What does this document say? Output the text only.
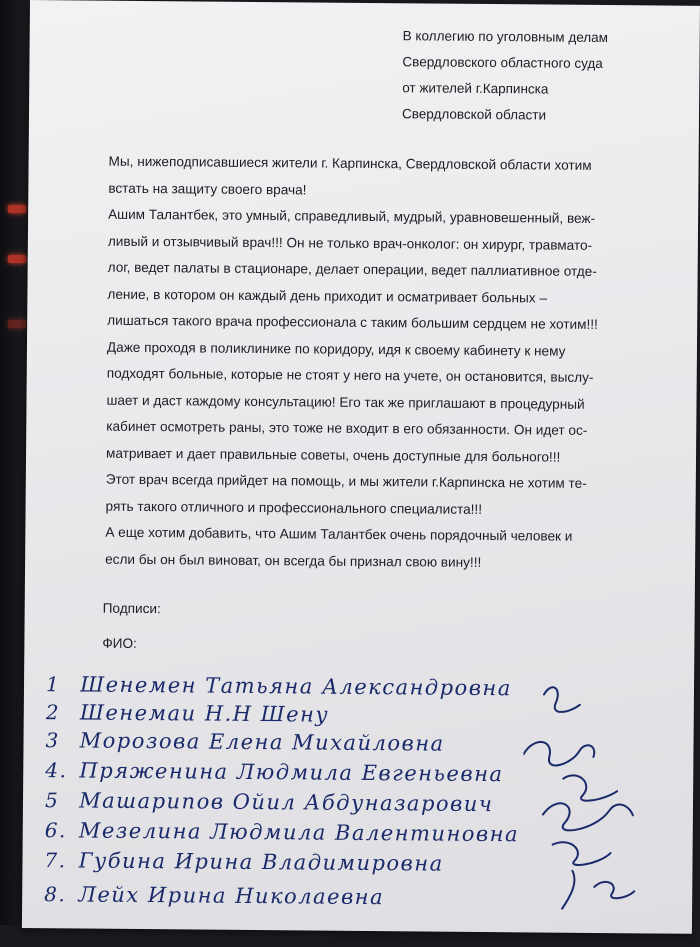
В коллегию по уголовным делам
Свердловского областного суда
от жителей г.Карпинска
Свердловской области
Мы, нижеподписавшиеся жители г. Карпинска, Свердловской области хотим
встать на защиту своего врача!
Ашим Талантбек, это умный, справедливый, мудрый, уравновешенный, веж-
ливый и отзывчивый врач!!! Он не только врач-онколог: он хирург, травмато-
лог, ведет палаты в стационаре, делает операции, ведет паллиативное отде-
ление, в котором он каждый день приходит и осматривает больных –
лишаться такого врача профессионала с таким большим сердцем не хотим!!!
Даже проходя в поликлинике по коридору, идя к своему кабинету к нему
подходят больные, которые не стоят у него на учете, он остановится, выслу-
шает и даст каждому консультацию! Его так же приглашают в процедурный
кабинет осмотреть раны, это тоже не входит в его обязанности. Он идет ос-
матривает и дает правильные советы, очень доступные для больного!!!
Этот врач всегда прийдет на помощь, и мы жители г.Карпинска не хотим те-
рять такого отличного и профессионального специалиста!!!
А еще хотим добавить, что Ашим Талантбек очень порядочный человек и
если бы он был виноват, он всегда бы признал свою вину!!!
Подписи:
ФИО:
1 Шенемен Татьяна Александровна
2 Шенемаи Н.Н Шену
3 Морозова Елена Михайловна
4. Пряженина Людмила Евгеньевна
5 Машарипов Ойил Абдуназарович
6. Мезелина Людмила Валентиновна
7. Губина Ирина Владимировна
8. Лейх Ирина Николаевна
